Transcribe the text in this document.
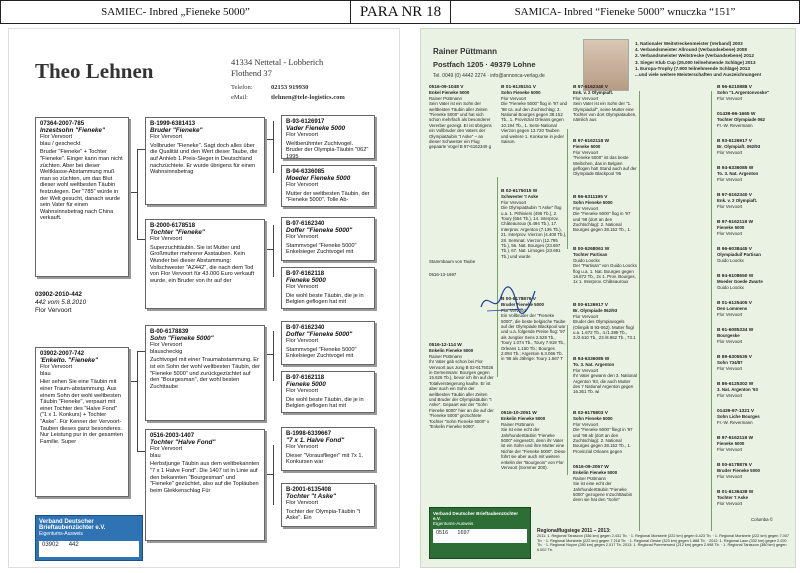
SAMIEC- Inbred „Fieneke 5000”	PARA NR 18	SAMICA- Inbred “Fieneke 5000” wnuczka “151”
Theo Lehnen	41334 Nettetal - Lobberich
Flothend 37
Telefon:	02153 919930
eMail:	tlehnen@tele-logistics.com
07364-2007-785
Inzestsohn "Fieneke"
Flor Vervoort
blau / gescheckt
Bruder "Fieneke" + Tochter "Fieneke". Einger kann man nicht züchten. Aber bei dieser Weltklasse-Abstammung muß man so züchten, um das Blut dieser wohl weltbesten Täubin festzulegen. Der "785" würde in der Welt gesucht, danach wurde sein Vater für einen Wahnsinnsbetrag nach China verkauft.
03902-2010-442
442 vom 5.8.2010
Flor Vervoort
03902-2007-742
'Enkelto. "Fieneke"
Flor Vervoort
blau
Hier sehen Sie eine Täubin mit einer Traum-abstammung. Aus einem Sohn der wohl weltbesten Täubin "Fieneke", verpaart mit einer Tochter des "Halve Fond" ("1 x 1. Konkurs) + Tochter "Aske". Für Kenner der Vervoort-Tauben dieses ganz besonderes. Nur Leistung pur in der gesamten Familie. Super
B-1999-6381413
Bruder "Fieneke"
Flor Vervoort
Vollbruder "Fieneke". Sagt doch alles über die Qualität und den Wert dieser Taube, die auf Anhieb 1.Preis-Sieger in Deutschland nachzüchtete. Er wurde übrigens für einen Wahnsinnsbetrag
B-2000-6178518
Tochter "Fieneke"
Flor Vervoort
Superzuchttäubin. Sie ist Mutter und Großmutter mehrerer Asstauben. Kein Wunder bei dieser Abstammung: Vollschwester "AZ442", die nach dem Tod von Flor Vervoort für 43.000 Euro verkauft wurde, ein Bruder von ihr auf der
B-00-6178839
Sohn "Fieneke 5000"
Flor Vervoort
blauscheckig
Zuchtvogel mit einer Traumabstammung. Er ist ein Sohn der wohl weltbesten Täubin, der "Fieneke 5000" und zurückgezüchtet auf den "Bourgesman", der wohl besten Zuchttaube
0516-2003-1407
Tochter "Halve Fond"
Flor Vervoort
blau
Herbstjunge Täubin aus dem weltbekannten "7 x 1 Halve Fond". Die 1407 ist in Linie auf den bekannten "Bourgesman" und "Fieneke" gezüchtet, also auf die Topläuben beim Glekkenschlag Für
B-93-6126917
Vader Fieneke 5000
Flor Vervoort
Weltberühmter Zuchtvogel. Bruder der Olympia-Täubin "062" 1995
B-94-6336085
Moeder Fieneke 5000
Flor Vervoort
Mutter der weltbesten Täubin, der "Fieneke 5000". Tolle Ab-
B-97-6162340
Doffer "Fieneke 5000"
Flor Vervoort
Stammvogel "Fieneke 5000" Enkelsieger Zuchtvogel mit
B-97-6162118
Fieneke 5000
Flor Vervoort
Die wohl beste Täubin, die je in Belgien geflogen hat mit
B-97-6162340
Doffer "Fieneke 5000"
Flor Vervoort
Stammvogel "Fieneke 5000" Enkelsieger Zuchtvogel mit
B-97-6162118
Fieneke 5000
Flor Vervoort
Die wohl beste Täubin, die je in Belgien geflogen hat mit
B-1998-6339667
"7 x 1. Halve Fond"
Flor Vervoort
Dieser "Vorausflieger" mit 7x 1. Konkursen war
B-2001-6135408
Tochter "t Aske"
Flor Vervoort
Tochter der Olympia-Täubin "t Aske". Ein
Verband Deutscher Brieftaubenzüchter e.V.
Eigentums-Ausweis
03902 442
Rainer Püttmann
Postfach 1205 · 49379 Lohne
Tel. 0049 (0) 4442 2274 · info@annonca-verlag.de
1. Nationaler Weitstreckenmeister (Verband) 2003
4. Verbandsmeister Allround (Verbandsebene) 2008
2. Verbandsmeister Weitstrecke (Verbandsebene) 2012
3. Sieger Klub Cup (25.000 teilnehmende Schläge) 2013
1. Europa-Trophy (7.900 teilnehmende Schläge) 2013
...und viele weitere Meisterschaften und Auszeichnungen!
0516-09-1048 V
Enkel Fieneke 5000
Rainer Püttmann
Sein Vater ist ein Sohn der weltbesten Täubin aller Zeiten "Fieneke 5000" und hat sich schon mehrfach als besonderer Vererber gezeigt. Er ist übrigens ein Vollbruder des Vaters der Olympiatäubin "t Aske" – an dieser Schwester ein Flug gepaarte Vogel B 97-6162340 g
Stammbaum von Taube
0516-13-1697
0516-12-114 W
Enkelin Fieneke 5000
Rainer Püttmann
Ihr Vater gab schon bei Flor Vervoort aus Jung B 02-6175026 in Gemeinsam: Bourges gegen 15.626 Tb.), bevor ich ihn auf der Totalversteigerung kaufte. Er ist aber auch ein Sohn der weltbesten Täubin aller Zeiten und Bruder der Olympiatäubin "t Aske". Gepaart war der "Sohn Fieneke 5000" hier an die auf der "Fieneke 5000" gezüchtete Tochter "Sohn Fieneke 5000" x "Enkelin Fieneke 5000".
B 01-6135151 V
Sohn Fieneke 5000
Flor Vervoort
Die "Fieneke 5000" flog in '97 und '98 ca. auf den Zuchtschlag: 2. National Bourges gegen 38.152 Tb., 1. Provinzial Orleans gegen 10.194 Tb., 1. Semi-National Vierzon gegen 13.720 Tauben und weitere 1. Konkurse in jeder Saison.
B 02-6175015 W
Schwester 't Aske
Flor Vervoort
Die Olympiatäubin "t Aske" flog u.a. 1. Pithiviers (496 Tb.), 2. Toury (654 Tb.), 14. Interprov. Châteauroux (6.494 Tb.), 17. Interprov. Argenton (7.135 Tb.), 21. Interprov. Vierzon (4.400 Tb.), 28. Seminat. Vierzon (12.795 Tb.), 56. Nat. Bourges (23.697 Tb.), 67. Nat. Limoges (23.691 Tb.) und wurde
B 00-6178876 V
Bruder Fieneke 5000
Flor Vervoort
Ein Vollbruder der "Fieneke 5000", die beste belgische Taube auf der Olympiade Blackpool war und u.a. folgende Preise flog: '97 als Jungtier Sens 2.528 Tb., Toury 1.074 Tb., Toury 7.919 Tb., Orleans 1.150 Tb.; Bourges 2.094 Tb.; Argenton 6.3.066 Tb. in '98 als Jährige: Toury 1.667 T
0516-10-2051 W
Enkelin Fieneke 5000
Rainer Püttmann
Sie ist eine echt der Jahrhunderttäubin "Fieneke 5000" eingesetzt, denn ihr Vater ist ein Sohn und ihre Mutter eine Nichte der "Fieneke 5000". Diese führt sie aber auch mit weitere enkelin der "Bourgeois" von Flor Vervoort (Sommer 200).
B 97-6162340 V
Enk. v. 2 Olympiaft.
Flor Vervoort
Sein Vater ist ein Sohn der "1. Olympiaduif", seine Mutter eine Tochter von dort Olympiatauben, nämlich aus
B 97-6162118 W
Fieneke 5000
Flor Vervoort
"Fieneke 5000" ist das beste Weibchen, das in Belgien geflogen hat! Stand auch auf der Olympiade Blackpool '95
B 96-6311195 V
Sohn Fieneke 5000
Flor Vervoort
Die "Fieneke 5000" flog in '97 und '98 (dort an den Zuchtschlag): 2. National Bourges gegen 38.152 Tb., 1.
B 00-5268061 W
Tochter Partisan
Guido Loockx
Der "Partisan" von Guido Loockx flog u.a. 1. Nat. Bourges gegen 16.872 Tb., 2x 1. Prov. Bourges, 1x 1. Interprov. Châteauroux
B 00-6126917 V
Br. Olympiade 062/93
Flor Vervoort
Bruder des Olympiavogels (Olimpik B 93-062). Mutter flogl u.a. 1.672 Tb., 4./1.385 Tb., 3./2.610 Tb., 23./8.962 Tb., 73.1
B 94-6336085 W
To. 3. Nat. Argenton
Flor Vervoort
Ihr Vater gewann den 3. National Argenton '93, die auch Mutter des 7 National Argenton gegen 16.361 Tb. wi
B 02-6175803 V
Sohn Fieneke 5000
Flor Vervoort
Die "Fieneke 5000" fliegt in '97 und '98 ab (dort an den Zuchtschlag): 2. National Bourges gegen 38.152 Tb., 1. Provinzial Orleans gegen
0516-09-2057 W
Enkelin Fieneke 5000
Rainer Püttmann
Sie ist eine echt der Jahrhunderttäubin "Fieneke 5000" gezogene Inzuchttäubin denn sie hat den "Sohn"
B 96-6210888 V
Sohn "1.Argentonvoske"
Flor Vervoort
01439-96-1665 W
Tochter Olympiade 062
Fr.-W. Revermann
B 93-6126917 V
Br. Olympiaft. 062/93
Flor Vervoort
B 94-6336085 W
To. 3. Nat. Argenton
Flor Vervoort
B 97-6162340 V
Enk. v. 2 Olympiaft.
Flor Vervoort
B 97-6162118 W
Fieneke 5000
Flor Vervoort
B 96-6038445 V
Olympiaduif Partisan
Guido Loockx
B 94-6108650 W
Moeder Goede Zwarte
Guido Loockx
B 01-6125405 V
Den Lommens
Flor Vervoort
B 91-6085334 W
Bourgeske
Flor Vervoort
B 89-6305535 V
Sohn 734/87
Flor Vervoort
B 86-6125302 W
3. Nat. Argenton '93
Flor Vervoort
01439-97-1321 V
Sohn Liche Bourges
Fr.-W. Revermann
B 97-6162118 W
Fieneke 5000
Flor Vervoort
B 00-6178876 V
Bruder Fieneke 5000
Flor Vervoort
B 01-6136438 W
Tochter 't Aske
Flor Vervoort
Verband Deutscher Brieftaubenzüchter e.V.
Eigentums-Ausweis
0516 1697	Regionalflugsiege 2011 – 2013:
2011: 1. Regional Tarascon (336 km) gegen 2.431 Tb. · 1. Regional Morsbeie (222 km) gegen 6.423 Tb. · 1. Regional Morsbeie (222 km) gegen 7.007 Tb. · 1. Regional Morsbeie (222 km) gegen 7.218 Tb. · 1. Regional Oeske (323 km) gegen 1.888 Tb. · 2012: 1. Regional Laon (332 km) gegen 2.020 Tb. · 1. Regional Noyon (280 km) gegen 2.017 Tb. 2013: 1. Regional Pommeroeul (212 km) gegen 2.998 Tb. · 1. Regional Tarascon (380 km) gegen 6.002 Tb.
Columba ©
